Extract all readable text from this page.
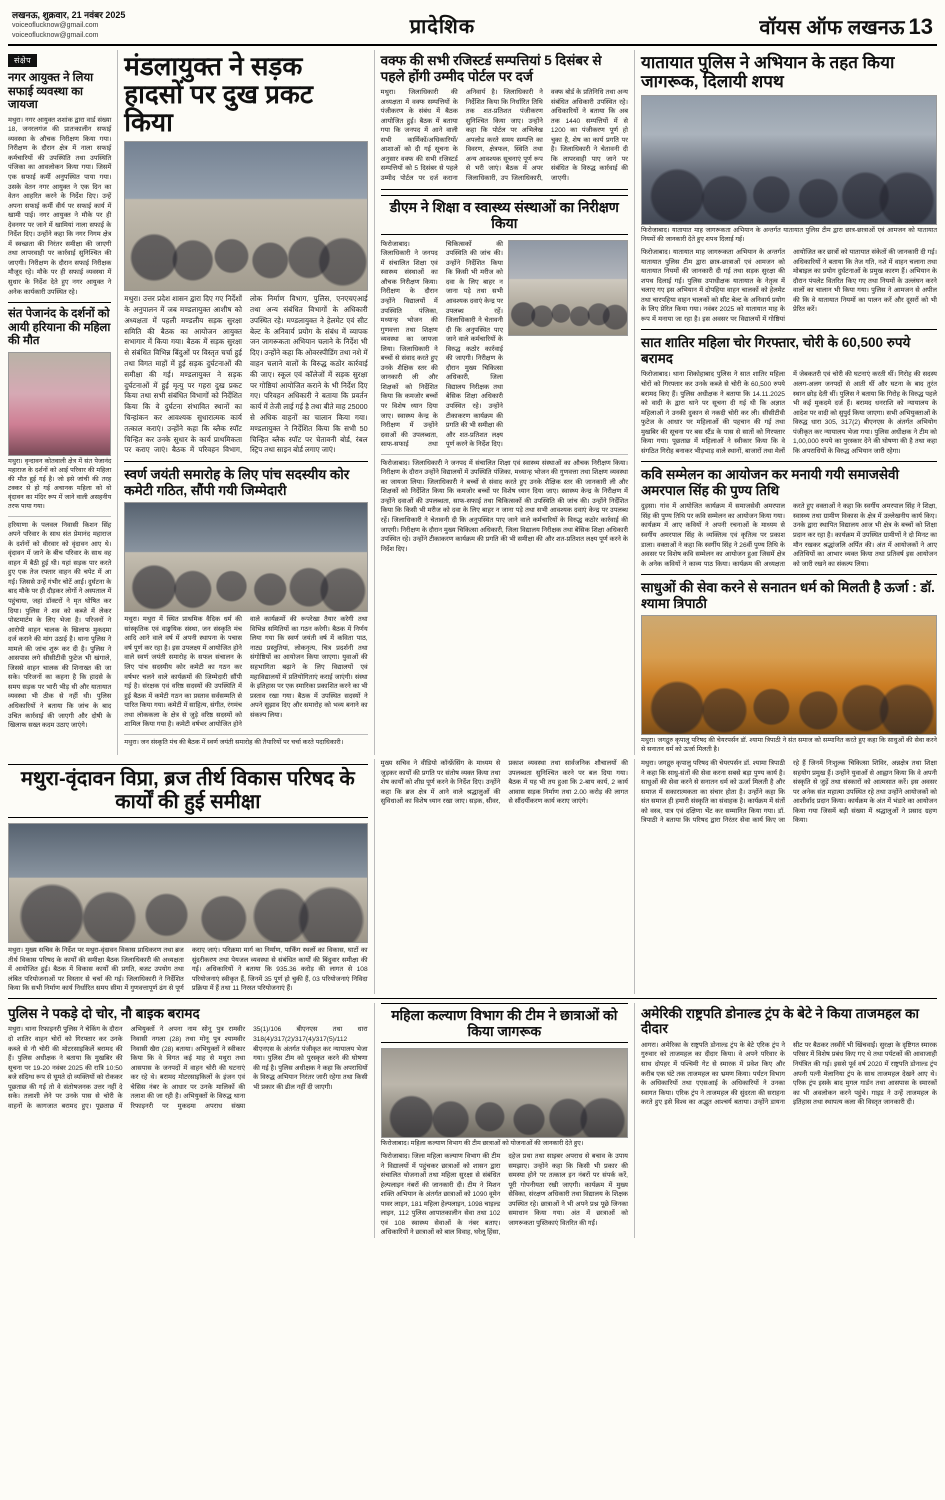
लखनऊ, शुक्रवार, 21 नवंबर 2025
voiceoflucknow@gmail.com
voiceoflucknow@gmail.com	प्रादेशिक	वॉयस ऑफ लखनऊ 13
संक्षेप
नगर आयुक्त ने लिया सफाई व्यवस्था का जायजा
मथुरा। नगर आयुक्त शशांक द्वारा वार्ड संख्या 18, जनरलगंज की प्रातःकालीन सफाई व्यवस्था के औचक निरीक्षण किया गया। निरीक्षण के दौरान क्षेत्र में नाला सफाई कर्मचारियों की उपस्थिति तथा उपस्थिति पंजिका का आवलोकन किया गया। जिसमें एक सफाई कर्मी अनुपस्थित पाया गया। उसके वेतन नगर आयुक्त ने एक दिन का वेतन आहरित करने के निर्देश दिए। उन्हें अपना सफाई कर्मी वीर्य पर सफाई कार्य में खामी पाई। नगर आयुक्त ने मौके पर ही देवनगर पर जाने में खामियां नाला सफाई के निर्देश दिए। उन्होंने कहा कि नगर निगम क्षेत्र में स्वच्छता की निरंतर समीक्षा की जाएगी तथा लापरवाही पर कार्रवाई सुनिश्चित की जाएगी। निरीक्षण के दौरान सफाई निरीक्षक मौजूद रहे। मौके पर ही सफाई व्यवस्था में सुधार के निर्देश देते हुए नगर आयुक्त ने अनेक कार्यकारी उपस्थित रहे।
संत पेजानंद के दर्शनों को आयी हरियाना की महिला की मौत
मथुरा। वृन्दावन कोतवाली क्षेत्र में संत पेजानंद महाराज के दर्शनों को आई परिवार की महिला की मौत हुई गई है। जो इसे जांची की तरह टक्कर से हो गई अचानक महिला को वो वृंदावन का मंदिर रूप में जाने वाली असहनीय तरफ पाया गया।
हरियाणा के पलवल निवासी किशन सिंह अपने परिवार के साथ संत प्रेमानंद महाराज के दर्शनों को वीरवार को वृंदावन आए थे। वृंदावन में जाने के बीच परिवार के साथ वह वाहन में बैठी हुई थी। यहां सड़क पार करते हुए एक तेज रफ्तार वाहन की चपेट में आ गई। जिससे उन्हें गंभीर चोटें आईं। दुर्घटना के बाद मौके पर ही दौड़कर लोगों ने अस्पताल में पहुंचाया, जहां डॉक्टरों ने मृत घोषित कर दिया। पुलिस ने शव को कब्जे में लेकर पोस्टमार्टम के लिए भेजा है। परिजनों ने आरोपी वाहन चालक के खिलाफ मुकदमा दर्ज कराने की मांग उठाई है। थाना पुलिस ने मामले की जांच शुरू कर दी है। पुलिस ने आसपास लगे सीसीटीवी फुटेज भी खंगाले, जिससे वाहन चालक की शिनाख्त की जा सके। परिजनों का कहना है कि हादसे के समय सड़क पर भारी भीड़ थी और यातायात व्यवस्था भी ठीक से नहीं थी। पुलिस अधिकारियों ने बताया कि जांच के बाद उचित कार्रवाई की जाएगी और दोषी के खिलाफ सख्त कदम उठाए जाएंगे।
मंडलायुक्त ने सड़क हादसों पर दुख प्रकट किया
मथुरा। उत्तर प्रदेश शासन द्वारा दिए गए निर्देशों के अनुपालन में जब मण्डलायुक्त आशीष को अध्यक्षता में पहली मण्डलीय सड़क सुरक्षा समिति की बैठक का आयोजन आयुक्त सभागार में किया गया। बैठक में सड़क सुरक्षा से संबंधित विभिन्न बिंदुओं पर विस्तृत चर्चा हुई तथा विगत माहों में हुई सड़क दुर्घटनाओं की समीक्षा की गई। मण्डलायुक्त ने सड़क दुर्घटनाओं में हुई मृत्यु पर गहरा दुख प्रकट किया तथा सभी संबंधित विभागों को निर्देशित किया कि वे दुर्घटना संभावित स्थानों का चिन्हांकन कर आवश्यक सुधारात्मक कार्य तत्काल कराएं। उन्होंने कहा कि ब्लैक स्पॉट चिन्हित कर उनके सुधार के कार्य प्राथमिकता पर कराए जाएं। बैठक में परिवहन विभाग, लोक निर्माण विभाग, पुलिस, एनएचएआई तथा अन्य संबंधित विभागों के अधिकारी उपस्थित रहे। मण्डलायुक्त ने हेलमेट एवं सीट बेल्ट के अनिवार्य प्रयोग के संबंध में व्यापक जन जागरूकता अभियान चलाने के निर्देश भी दिए। उन्होंने कहा कि ओवरस्पीडिंग तथा नशे में वाहन चलाने वालों के विरुद्ध कठोर कार्रवाई की जाए। स्कूल एवं कॉलेजों में सड़क सुरक्षा पर गोष्ठियां आयोजित कराने के भी निर्देश दिए गए। परिवहन अधिकारी ने बताया कि प्रवर्तन कार्य में तेजी लाई गई है तथा बीते माह 25000 से अधिक वाहनों का चालान किया गया। मण्डलायुक्त ने निर्देशित किया कि सभी 50 चिन्हित ब्लैक स्पॉट पर चेतावनी बोर्ड, रंबल स्ट्रिप तथा साइन बोर्ड लगाए जाएं।
स्वर्ण जयंती समारोह के लिए पांच सदस्यीय कोर कमेटी गठित, सौंपी गयी जिम्मेदारी
मथुरा। मथुरा में स्थित प्राथमिक वैदिक धर्म की सांस्कृतिक एवं वाङ्मयिक संस्था, जन संस्कृति मंच आदि आने वाले वर्ष में अपनी स्थापना के पचास वर्ष पूर्ण कर रहा है। इस उपलक्ष्य में आयोजित होने वाले स्वर्ण जयंती समारोह के सफल संचालन के लिए पांच सदस्यीय कोर कमेटी का गठन कर वर्षभर चलने वाले कार्यक्रमों की जिम्मेदारी सौंपी गई है। संरक्षक एवं वरिष्ठ सदस्यों की उपस्थिति में हुई बैठक में कमेटी गठन का प्रस्ताव सर्वसम्मति से पारित किया गया। कमेटी में साहित्य, संगीत, रंगमंच तथा लोककला के क्षेत्र से जुड़े वरिष्ठ सदस्यों को शामिल किया गया है। कमेटी वर्षभर आयोजित होने वाले कार्यक्रमों की रूपरेखा तैयार करेगी तथा विभिन्न समितियों का गठन करेगी। बैठक में निर्णय लिया गया कि स्वर्ण जयंती वर्ष में कविता पाठ, नाट्य प्रस्तुतियां, लोकनृत्य, चित्र प्रदर्शनी तथा संगोष्ठियों का आयोजन किया जाएगा। युवाओं की सहभागिता बढ़ाने के लिए विद्यालयों एवं महाविद्यालयों में प्रतियोगिताएं कराई जाएंगी। संस्था के इतिहास पर एक स्मारिका प्रकाशित करने का भी प्रस्ताव रखा गया। बैठक में उपस्थित सदस्यों ने अपने सुझाव दिए और समारोह को भव्य बनाने का संकल्प लिया।
मथुरा। जन संस्कृति मंच की बैठक में स्वर्ण जयंती समारोह की तैयारियों पर चर्चा करते पदाधिकारी।
वक्फ की सभी रजिस्टर्ड सम्पत्तियां 5 दिसंबर से पहले होंगी उम्मीद पोर्टल पर दर्ज
मथुरा। जिलाधिकारी की अध्यक्षता में वक्फ सम्पत्तियों के पंजीकरण के संबंध में बैठक आयोजित हुई। बैठक में बताया गया कि जनपद में आने वाली सभी कार्मिकों/अधिकारियों/आशाओं को दी गई सूचना के अनुसार वक्फ की सभी रजिस्टर्ड सम्पत्तियों को 5 दिसंबर से पहले उम्मीद पोर्टल पर दर्ज कराना अनिवार्य है। जिलाधिकारी ने निर्देशित किया कि निर्धारित तिथि तक शत-प्रतिशत पंजीकरण सुनिश्चित किया जाए। उन्होंने कहा कि पोर्टल पर अभिलेख अपलोड करते समय सम्पत्ति का विवरण, क्षेत्रफल, स्थिति तथा अन्य आवश्यक सूचनाएं पूर्ण रूप से भरी जाएं। बैठक में अपर जिलाधिकारी, उप जिलाधिकारी, वक्फ बोर्ड के प्रतिनिधि तथा अन्य संबंधित अधिकारी उपस्थित रहे। अधिकारियों ने बताया कि अब तक 1440 सम्पत्तियों में से 1200 का पंजीकरण पूर्ण हो चुका है, शेष का कार्य प्रगति पर है। जिलाधिकारी ने चेतावनी दी कि लापरवाही पाए जाने पर संबंधित के विरुद्ध कार्रवाई की जाएगी।
डीएम ने शिक्षा व स्वास्थ्य संस्थाओं का निरीक्षण किया
फिरोजाबाद। जिलाधिकारी ने जनपद में संचालित शिक्षा एवं स्वास्थ्य संस्थाओं का औचक निरीक्षण किया। निरीक्षण के दौरान उन्होंने विद्यालयों में उपस्थिति पंजिका, मध्यान्ह भोजन की गुणवत्ता तथा शिक्षण व्यवस्था का जायजा लिया। जिलाधिकारी ने बच्चों से संवाद करते हुए उनके शैक्षिक स्तर की जानकारी ली और शिक्षकों को निर्देशित किया कि कमजोर बच्चों पर विशेष ध्यान दिया जाए। स्वास्थ्य केन्द्र के निरीक्षण में उन्होंने दवाओं की उपलब्धता, साफ-सफाई तथा चिकित्सकों की उपस्थिति की जांच की। उन्होंने निर्देशित किया कि किसी भी मरीज को दवा के लिए बाहर न जाना पड़े तथा सभी आवश्यक दवाएं केन्द्र पर उपलब्ध रहें। जिलाधिकारी ने चेतावनी दी कि अनुपस्थित पाए जाने वाले कर्मचारियों के विरुद्ध कठोर कार्रवाई की जाएगी। निरीक्षण के दौरान मुख्य चिकित्सा अधिकारी, जिला विद्यालय निरीक्षक तथा बेसिक शिक्षा अधिकारी उपस्थित रहे। उन्होंने टीकाकरण कार्यक्रम की प्रगति की भी समीक्षा की और शत-प्रतिशत लक्ष्य पूर्ण करने के निर्देश दिए।
फिरोजाबाद। जिलाधिकारी ने जनपद में संचालित शिक्षा एवं स्वास्थ्य संस्थाओं का औचक निरीक्षण किया। निरीक्षण के दौरान उन्होंने विद्यालयों में उपस्थिति पंजिका, मध्यान्ह भोजन की गुणवत्ता तथा शिक्षण व्यवस्था का जायजा लिया। जिलाधिकारी ने बच्चों से संवाद करते हुए उनके शैक्षिक स्तर की जानकारी ली और शिक्षकों को निर्देशित किया कि कमजोर बच्चों पर विशेष ध्यान दिया जाए। स्वास्थ्य केन्द्र के निरीक्षण में उन्होंने दवाओं की उपलब्धता, साफ-सफाई तथा चिकित्सकों की उपस्थिति की जांच की। उन्होंने निर्देशित किया कि किसी भी मरीज को दवा के लिए बाहर न जाना पड़े तथा सभी आवश्यक दवाएं केन्द्र पर उपलब्ध रहें। जिलाधिकारी ने चेतावनी दी कि अनुपस्थित पाए जाने वाले कर्मचारियों के विरुद्ध कठोर कार्रवाई की जाएगी। निरीक्षण के दौरान मुख्य चिकित्सा अधिकारी, जिला विद्यालय निरीक्षक तथा बेसिक शिक्षा अधिकारी उपस्थित रहे। उन्होंने टीकाकरण कार्यक्रम की प्रगति की भी समीक्षा की और शत-प्रतिशत लक्ष्य पूर्ण करने के निर्देश दिए।
यातायात पुलिस ने अभियान के तहत किया जागरूक, दिलायी शपथ
फिरोजाबाद। यातायात माह जागरूकता अभियान के अन्तर्गत यातायात पुलिस टीम द्वारा छात्र-छात्राओं एवं आमजन को यातायात नियमों की जानकारी देते हुए शपथ दिलाई गई।
फिरोजाबाद। यातायात माह जागरूकता अभियान के अन्तर्गत यातायात पुलिस टीम द्वारा छात्र-छात्राओं एवं आमजन को यातायात नियमों की जानकारी दी गई तथा सड़क सुरक्षा की शपथ दिलाई गई। पुलिस उपाधीक्षक यातायात के नेतृत्व में चलाए गए इस अभियान में दोपहिया वाहन चालकों को हेलमेट तथा चारपहिया वाहन चालकों को सीट बेल्ट के अनिवार्य प्रयोग के लिए प्रेरित किया गया। नवंबर 2025 को यातायात माह के रूप में मनाया जा रहा है। इस अवसर पर विद्यालयों में गोष्ठियां आयोजित कर छात्रों को यातायात संकेतों की जानकारी दी गई। अधिकारियों ने बताया कि तेज गति, नशे में वाहन चलाना तथा मोबाइल का प्रयोग दुर्घटनाओं के प्रमुख कारण हैं। अभियान के दौरान पंपलेट वितरित किए गए तथा नियमों के उल्लंघन करने वालों का चालान भी किया गया। पुलिस ने आमजन से अपील की कि वे यातायात नियमों का पालन करें और दूसरों को भी प्रेरित करें।
सात शातिर महिला चोर गिरफ्तार, चोरी के 60,500 रुपये बरामद
फिरोजाबाद। थाना शिकोहाबाद पुलिस ने सात शातिर महिला चोरों को गिरफ्तार कर उनके कब्जे से चोरी के 60,500 रुपये बरामद किए हैं। पुलिस अधीक्षक ने बताया कि 14.11.2025 को वादी के द्वारा थाने पर सूचना दी गई थी कि अज्ञात महिलाओं ने उनकी दुकान से नकदी चोरी कर ली। सीसीटीवी फुटेज के आधार पर महिलाओं की पहचान की गई तथा मुखबिर की सूचना पर बस स्टैंड के पास से सातों को गिरफ्तार किया गया। पूछताछ में महिलाओं ने स्वीकार किया कि वे संगठित गिरोह बनाकर भीड़भाड़ वाले स्थानों, बाजारों तथा मेलों में जेबकतरी एवं चोरी की घटनाएं करती थीं। गिरोह की सदस्य अलग-अलग जनपदों से आती थीं और घटना के बाद तुरंत स्थान छोड़ देती थीं। पुलिस ने बताया कि गिरोह के विरुद्ध पहले भी कई मुकदमे दर्ज हैं। बरामद धनराशि को न्यायालय के आदेश पर वादी को सुपुर्द किया जाएगा। सभी अभियुक्ताओं के विरुद्ध धारा 305, 317(2) बीएनएस के अंतर्गत अभियोग पंजीकृत कर न्यायालय भेजा गया। पुलिस अधीक्षक ने टीम को 1,00,000 रुपये का पुरस्कार देने की घोषणा की है तथा कहा कि अपराधियों के विरुद्ध अभियान जारी रहेगा।
कवि सम्मेलन का आयोजन कर मनायी गयी समाजसेवी अमरपाल सिंह की पुण्य तिथि
दुड़सा। गांव में आयोजित कार्यक्रम में समाजसेवी अमरपाल सिंह की पुण्य तिथि पर कवि सम्मेलन का आयोजन किया गया। कार्यक्रम में आए कवियों ने अपनी रचनाओं के माध्यम से स्वर्गीय अमरपाल सिंह के व्यक्तित्व एवं कृतित्व पर प्रकाश डाला। वक्ताओं ने कहा कि स्वर्गीय सिंह ने 26वीं पुण्य तिथि के अवसर पर विशेष कवि सम्मेलन का आयोजन हुआ जिसमें क्षेत्र के अनेक कवियों ने काव्य पाठ किया। कार्यक्रम की अध्यक्षता करते हुए वक्ताओं ने कहा कि स्वर्गीय अमरपाल सिंह ने शिक्षा, स्वास्थ्य तथा ग्रामीण विकास के क्षेत्र में उल्लेखनीय कार्य किए। उनके द्वारा स्थापित विद्यालय आज भी क्षेत्र के बच्चों को शिक्षा प्रदान कर रहा है। कार्यक्रम में उपस्थित ग्रामीणों ने दो मिनट का मौन रखकर श्रद्धांजलि अर्पित की। अंत में आयोजकों ने आए अतिथियों का आभार व्यक्त किया तथा प्रतिवर्ष इस आयोजन को जारी रखने का संकल्प लिया।
साधुओं की सेवा करने से सनातन धर्म को मिलती है ऊर्जा : डॉ. श्यामा त्रिपाठी
मथुरा। जगद्गुरु कृपालु परिषद की चेयरपर्सन डॉ. श्यामा त्रिपाठी ने संत समाज को सम्मानित करते हुए कहा कि साधुओं की सेवा करने से सनातन धर्म को ऊर्जा मिलती है।
मथुरा-वृंदावन विप्रा, ब्रज तीर्थ विकास परिषद के कार्यों की हुई समीक्षा
मथुरा। मुख्य सचिव के निर्देश पर मथुरा-वृंदावन विकास प्राधिकरण तथा ब्रज तीर्थ विकास परिषद के कार्यों की समीक्षा बैठक जिलाधिकारी की अध्यक्षता में आयोजित हुई। बैठक में विकास कार्यों की प्रगति, बजट उपयोग तथा लंबित परियोजनाओं पर विस्तार से चर्चा की गई। जिलाधिकारी ने निर्देशित किया कि सभी निर्माण कार्य निर्धारित समय सीमा में गुणवत्तापूर्ण ढंग से पूर्ण कराए जाएं। परिक्रमा मार्ग का निर्माण, पार्किंग स्थलों का विकास, घाटों का सुंदरीकरण तथा पेयजल व्यवस्था से संबंधित कार्यों की बिंदुवार समीक्षा की गई। अधिकारियों ने बताया कि 935.36 करोड़ की लागत से 108 परियोजनाएं स्वीकृत हैं, जिनमें 35 पूर्ण हो चुकी हैं, 03 परियोजनाएं निविदा प्रक्रिया में हैं तथा 11 निरस्त परियोजनाएं हैं।
मुख्य सचिव ने वीडियो कॉन्फ्रेंसिंग के माध्यम से जुड़कर कार्यों की प्रगति पर संतोष व्यक्त किया तथा शेष कार्यों को शीघ्र पूर्ण करने के निर्देश दिए। उन्होंने कहा कि ब्रज क्षेत्र में आने वाले श्रद्धालुओं की सुविधाओं का विशेष ध्यान रखा जाए। सड़क, सीवर, प्रकाश व्यवस्था तथा सार्वजनिक शौचालयों की उपलब्धता सुनिश्चित करने पर बल दिया गया। बैठक में यह भी तय हुआ कि 2-बाय कार्य, 2 कार्य आवास सड़क निर्माण तथा 2.00 करोड़ की लागत से सौंदर्यीकरण कार्य कराए जाएंगे।
मथुरा। जगद्गुरु कृपालु परिषद की चेयरपर्सन डॉ. श्यामा त्रिपाठी ने कहा कि साधु-संतों की सेवा करना सबसे बड़ा पुण्य कार्य है। साधुओं की सेवा करने से सनातन धर्म को ऊर्जा मिलती है और समाज में सकारात्मकता का संचार होता है। उन्होंने कहा कि संत समाज ही हमारी संस्कृति का संवाहक है। कार्यक्रम में संतों को वस्त्र, पात्र एवं दक्षिणा भेंट कर सम्मानित किया गया। डॉ. त्रिपाठी ने बताया कि परिषद द्वारा निरंतर सेवा कार्य किए जा रहे हैं जिनमें निःशुल्क चिकित्सा शिविर, अन्नक्षेत्र तथा शिक्षा सहयोग प्रमुख हैं। उन्होंने युवाओं से आह्वान किया कि वे अपनी संस्कृति से जुड़ें तथा संस्कारों को आत्मसात करें। इस अवसर पर अनेक संत महात्मा उपस्थित रहे तथा उन्होंने आयोजकों को आशीर्वाद प्रदान किया। कार्यक्रम के अंत में भंडारे का आयोजन किया गया जिसमें बड़ी संख्या में श्रद्धालुओं ने प्रसाद ग्रहण किया।
पुलिस ने पकड़े दो चोर, नौ बाइक बरामद
मथुरा। थाना रिफाइनरी पुलिस ने चेकिंग के दौरान दो शातिर वाहन चोरों को गिरफ्तार कर उनके कब्जे से नौ चोरी की मोटरसाइकिलें बरामद की हैं। पुलिस अधीक्षक ने बताया कि मुखबिर की सूचना पर 19-20 नवंबर 2025 की रात्रि 10:50 बजे संदिग्ध रूप से घूमते दो व्यक्तियों को रोककर पूछताछ की गई तो वे संतोषजनक उत्तर नहीं दे सके। तलाशी लेने पर उनके पास से चोरी के वाहनों के कागजात बरामद हुए। पूछताछ में अभियुक्तों ने अपना नाम सोनू पुत्र रामवीर निवासी नगला (28) तथा मोनू पुत्र श्यामवीर निवासी खैरा (28) बताया। अभियुक्तों ने स्वीकार किया कि वे विगत कई माह से मथुरा तथा आसपास के जनपदों में वाहन चोरी की घटनाएं कर रहे थे। बरामद मोटरसाइकिलों के इंजन एवं चेसिस नंबर के आधार पर उनके मालिकों की तलाश की जा रही है। अभियुक्तों के विरुद्ध थाना रिफाइनरी पर मुकदमा अपराध संख्या 35(1)/106 बीएनएस तथा धारा 318(4)/317(2)/317(4)/317(5)/112 बीएनएस के अंतर्गत पंजीकृत कर न्यायालय भेजा गया। पुलिस टीम को पुरस्कृत करने की घोषणा की गई है। पुलिस अधीक्षक ने कहा कि अपराधियों के विरुद्ध अभियान निरंतर जारी रहेगा तथा किसी भी प्रकार की ढील नहीं दी जाएगी।
महिला कल्याण विभाग की टीम ने छात्राओं को किया जागरूक
फिरोजाबाद। महिला कल्याण विभाग की टीम छात्राओं को योजनाओं की जानकारी देते हुए।
फिरोजाबाद। जिला महिला कल्याण विभाग की टीम ने विद्यालयों में पहुंचकर छात्राओं को शासन द्वारा संचालित योजनाओं तथा महिला सुरक्षा से संबंधित हेल्पलाइन नंबरों की जानकारी दी। टीम ने मिशन शक्ति अभियान के अंतर्गत छात्राओं को 1090 वूमेन पावर लाइन, 181 महिला हेल्पलाइन, 1098 चाइल्ड लाइन, 112 पुलिस आपातकालीन सेवा तथा 102 एवं 108 स्वास्थ्य सेवाओं के नंबर बताए। अधिकारियों ने छात्राओं को बाल विवाह, घरेलू हिंसा, दहेज प्रथा तथा साइबर अपराध से बचाव के उपाय समझाए। उन्होंने कहा कि किसी भी प्रकार की समस्या होने पर तत्काल इन नंबरों पर संपर्क करें, पूरी गोपनीयता रखी जाएगी। कार्यक्रम में मुख्य सेविका, संरक्षण अधिकारी तथा विद्यालय के शिक्षक उपस्थित रहे। छात्राओं ने भी अपने प्रश्न पूछे जिनका समाधान किया गया। अंत में छात्राओं को जागरूकता पुस्तिकाएं वितरित की गईं।
अमेरिकी राष्ट्रपति डोनाल्ड ट्रंप के बेटे ने किया ताजमहल का दीदार
आगरा। अमेरिका के राष्ट्रपति डोनाल्ड ट्रंप के बेटे एरिक ट्रंप ने गुरुवार को ताजमहल का दीदार किया। वे अपने परिवार के साथ दोपहर में पश्चिमी गेट से स्मारक में प्रवेश किए और करीब एक घंटे तक ताजमहल का भ्रमण किया। पर्यटन विभाग के अधिकारियों तथा एएसआई के अधिकारियों ने उनका स्वागत किया। एरिक ट्रंप ने ताजमहल की सुंदरता की सराहना करते हुए इसे विश्व का अद्भुत आश्चर्य बताया। उन्होंने डायना सीट पर बैठकर तस्वीरें भी खिंचवाईं। सुरक्षा के दृष्टिगत स्मारक परिसर में विशेष प्रबंध किए गए थे तथा पर्यटकों की आवाजाही नियंत्रित की गई। इससे पूर्व वर्ष 2020 में राष्ट्रपति डोनाल्ड ट्रंप अपनी पत्नी मेलानिया ट्रंप के साथ ताजमहल देखने आए थे। एरिक ट्रंप इसके बाद मुगल गार्डन तथा आसपास के स्मारकों का भी अवलोकन करने पहुंचे। गाइड ने उन्हें ताजमहल के इतिहास तथा स्थापत्य कला की विस्तृत जानकारी दी।
